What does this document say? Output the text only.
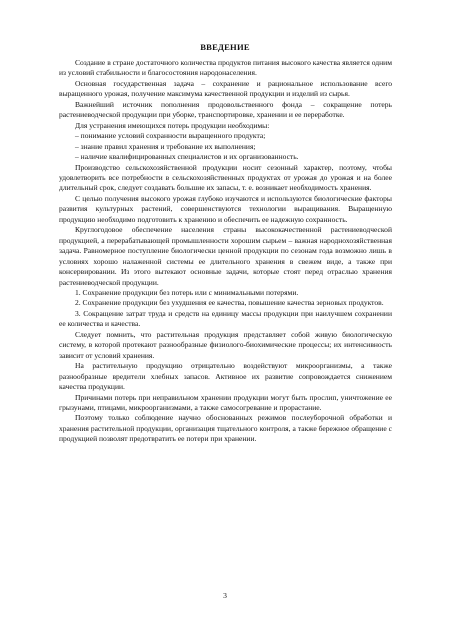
ВВЕДЕНИЕ

Создание в стране достаточного количества продуктов питания высокого качества является одним из условий стабильности и благосостояния народонаселения.

Основная государственная задача – сохранение и рациональное использование всего выращенного урожая, получение максимума качественной продукции и изделий из сырья.

Важнейший источник пополнения продовольственного фонда – сокращение потерь растениеводческой продукции при уборке, транспортировке, хранении и ее переработке.

Для устранения имеющихся потерь продукции необходимы:

– понимание условий сохранности выращенного продукта;

– знание правил хранения и требование их выполнения;

– наличие квалифицированных специалистов и их организованность.

Производство сельскохозяйственной продукции носит сезонный характер, поэтому, чтобы удовлетворить все потребности в сельскохозяйственных продуктах от урожая до урожая и на более длительный срок, следует создавать большие их запасы, т. е. возникает необходимость хранения.

С целью получения высокого урожая глубоко изучаются и используются биологические факторы развития культурных растений, совершенствуются технологии выращивания. Выращенную продукцию необходимо подготовить к хранению и обеспечить ее надежную сохранность.

Круглогодовое обеспечение населения страны высококачественной растениеводческой продукцией, а перерабатывающей промышленности хорошим сырьем – важная народнохозяйственная задача. Равномерное поступление биологически ценной продукции по сезонам года возможно лишь в условиях хорошо налаженной системы ее длительного хранения в свежем виде, а также при консервировании. Из этого вытекают основные задачи, которые стоят перед отраслью хранения растениеводческой продукции.

1. Сохранение продукции без потерь или с минимальными потерями.

2. Сохранение продукции без ухудшения ее качества, повышение качества зерновых продуктов.

3. Сокращение затрат труда и средств на единицу массы продукции при наилучшем сохранении ее количества и качества.

Следует помнить, что растительная продукция представляет собой живую биологическую систему, в которой протекают разнообразные физиолого-биохимические процессы; их интенсивность зависит от условий хранения.

На растительную продукцию отрицательно воздействуют микроорганизмы, а также разнообразные вредители хлебных запасов. Активное их развитие сопровождается снижением качества продукции.

Причинами потерь при неправильном хранении продукции могут быть прослип, уничтожение ее грызунами, птицами, микроорганизмами, а также самосогревание и прорастание.

Поэтому только соблюдение научно обоснованных режимов послеуборочной обработки и хранения растительной продукции, организация тщательного контроля, а также бережное обращение с продукцией позволят предотвратить ее потери при хранении.

3
